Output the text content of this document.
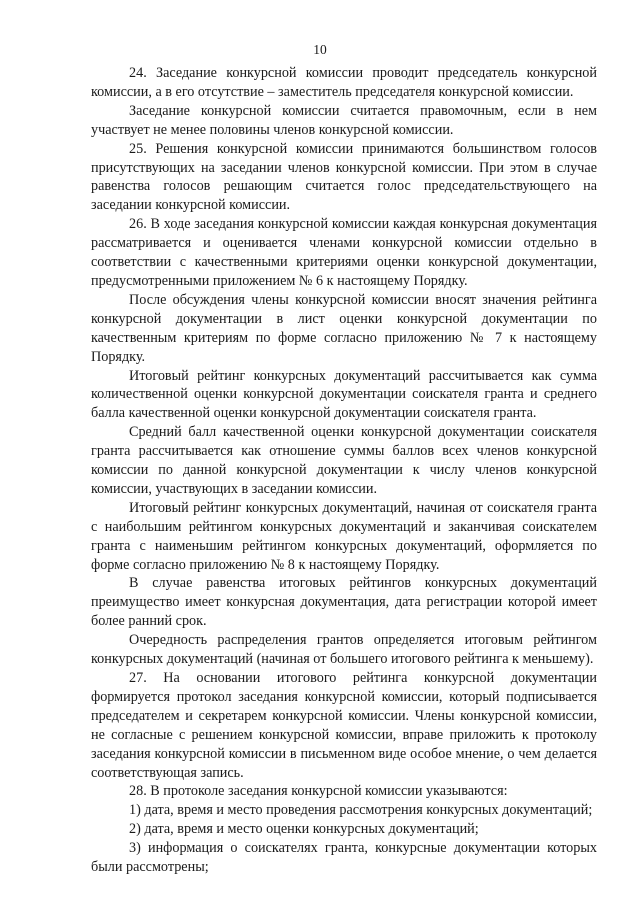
10

24. Заседание конкурсной комиссии проводит председатель конкурсной комиссии, а в его отсутствие – заместитель председателя конкурсной комиссии.

Заседание конкурсной комиссии считается правомочным, если в нем участвует не менее половины членов конкурсной комиссии.

25. Решения конкурсной комиссии принимаются большинством голосов присутствующих на заседании членов конкурсной комиссии. При этом в случае равенства голосов решающим считается голос председательствующего на заседании конкурсной комиссии.

26. В ходе заседания конкурсной комиссии каждая конкурсная документация рассматривается и оценивается членами конкурсной комиссии отдельно в соответствии с качественными критериями оценки конкурсной документации, предусмотренными приложением № 6 к настоящему Порядку.

После обсуждения члены конкурсной комиссии вносят значения рейтинга конкурсной документации в лист оценки конкурсной документации по качественным критериям по форме согласно приложению № 7 к настоящему Порядку.

Итоговый рейтинг конкурсных документаций рассчитывается как сумма количественной оценки конкурсной документации соискателя гранта и среднего балла качественной оценки конкурсной документации соискателя гранта.

Средний балл качественной оценки конкурсной документации соискателя гранта рассчитывается как отношение суммы баллов всех членов конкурсной комиссии по данной конкурсной документации к числу членов конкурсной комиссии, участвующих в заседании комиссии.

Итоговый рейтинг конкурсных документаций, начиная от соискателя гранта с наибольшим рейтингом конкурсных документаций и заканчивая соискателем гранта с наименьшим рейтингом конкурсных документаций, оформляется по форме согласно приложению № 8 к настоящему Порядку.

В случае равенства итоговых рейтингов конкурсных документаций преимущество имеет конкурсная документация, дата регистрации которой имеет более ранний срок.

Очередность распределения грантов определяется итоговым рейтингом конкурсных документаций (начиная от большего итогового рейтинга к меньшему).

27. На основании итогового рейтинга конкурсной документации формируется протокол заседания конкурсной комиссии, который подписывается председателем и секретарем конкурсной комиссии. Члены конкурсной комиссии, не согласные с решением конкурсной комиссии, вправе приложить к протоколу заседания конкурсной комиссии в письменном виде особое мнение, о чем делается соответствующая запись.

28. В протоколе заседания конкурсной комиссии указываются:

1) дата, время и место проведения рассмотрения конкурсных документаций;

2) дата, время и место оценки конкурсных документаций;

3) информация о соискателях гранта, конкурсные документации которых были рассмотрены;
